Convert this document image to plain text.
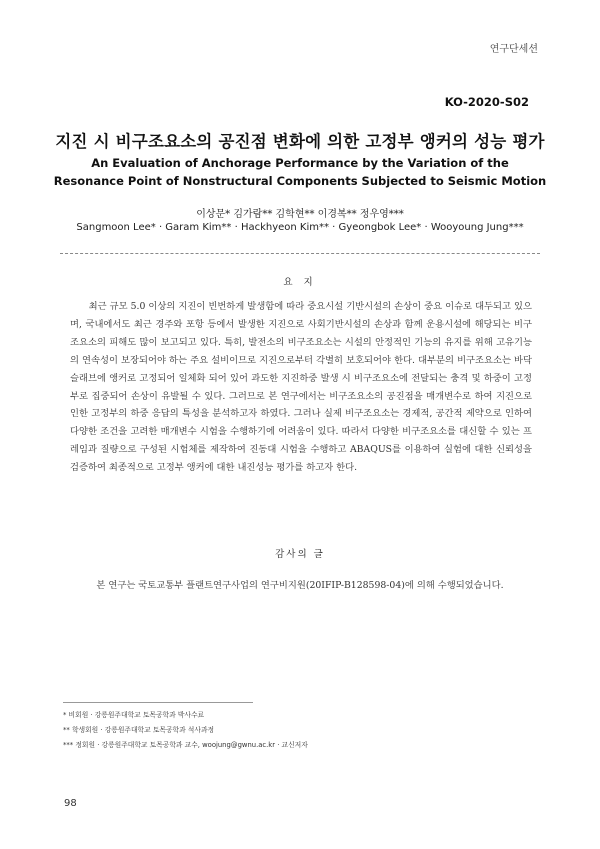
연구단세션
KO-2020-S02
지진 시 비구조요소의 공진점 변화에 의한 고정부 앵커의 성능 평가
An Evaluation of Anchorage Performance by the Variation of the
Resonance Point of Nonstructural Components Subjected to Seismic Motion
이상문* 김가람** 김학현** 이경복** 정우영***
Sangmoon Lee* · Garam Kim** · Hackhyeon Kim** · Gyeongbok Lee* · Wooyoung Jung***
요 지
최근 규모 5.0 이상의 지진이 빈번하게 발생함에 따라 중요시설 기반시설의 손상이 중요 이슈로 대두되고 있으며, 국내에서도 최근 경주와 포항 등에서 발생한 지진으로 사회기반시설의 손상과 함께 운용시설에 해당되는 비구조요소의 피해도 많이 보고되고 있다. 특히, 발전소의 비구조요소는 시설의 안정적인 기능의 유지를 위해 고유기능의 연속성이 보장되어야 하는 주요 설비이므로 지진으로부터 각별히 보호되어야 한다. 대부분의 비구조요소는 바닥 슬래브에 앵커로 고정되어 일체화 되어 있어 과도한 지진하중 발생 시 비구조요소에 전달되는 충격 및 하중이 고정부로 집중되어 손상이 유발될 수 있다. 그러므로 본 연구에서는 비구조요소의 공진점을 매개변수로 하여 지진으로 인한 고정부의 하중 응답의 특성을 분석하고자 하였다. 그러나 실제 비구조요소는 경제적, 공간적 제약으로 인하여 다양한 조건을 고려한 매개변수 시험을 수행하기에 어려움이 있다. 따라서 다양한 비구조요소를 대신할 수 있는 프레임과 질량으로 구성된 시험체를 제작하여 진동대 시험을 수행하고 ABAQUS를 이용하여 실험에 대한 신뢰성을 검증하여 최종적으로 고정부 앵커에 대한 내진성능 평가를 하고자 한다.
감사의 글
본 연구는 국토교통부 플랜트연구사업의 연구비지원(20IFIP-B128598-04)에 의해 수행되었습니다.
* 비회원 · 강릉원주대학교 토목공학과 박사수료
** 학생회원 · 강릉원주대학교 토목공학과 석사과정
*** 정회원 · 강릉원주대학교 토목공학과 교수, woojung@gwnu.ac.kr · 교신저자
98
